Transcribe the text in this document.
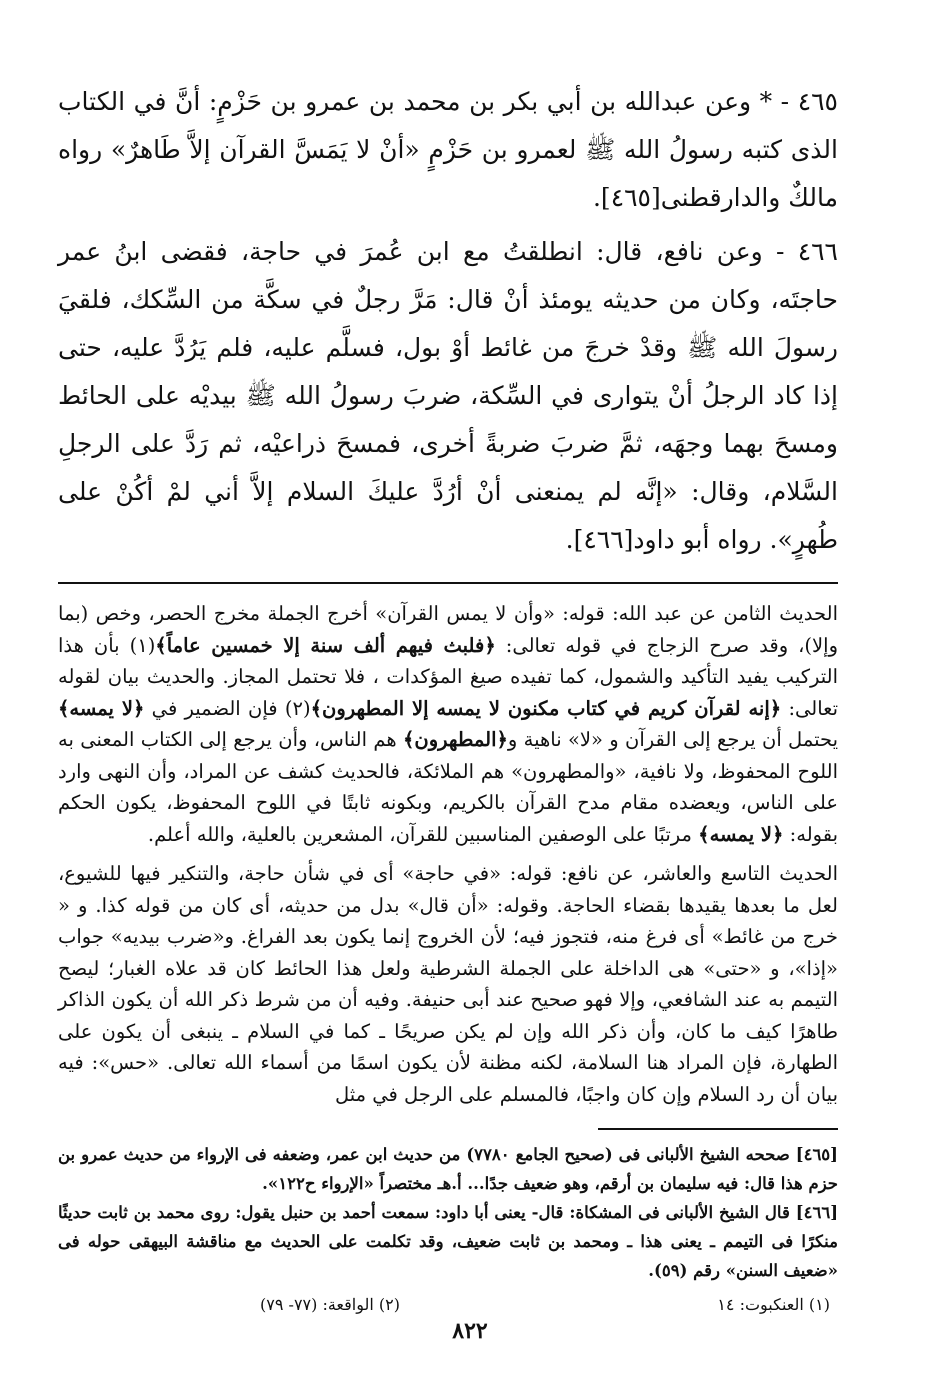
٤٦٥ - * وعن عبدالله بن أبي بكر بن محمد بن عمرو بن حَزْمٍ: أنَّ في الكتاب الذى كتبه رسولُ الله ﷺ لعمرو بن حَزْمٍ «أنْ لا يَمَسَّ القرآن إلاَّ طَاهرٌ» رواه مالكٌ والدارقطنى[٤٦٥].

٤٦٦ - وعن نافع، قال: انطلقتُ مع ابن عُمرَ في حاجة، فقضى ابنُ عمر حاجتَه، وكان من حديثه يومئذ أنْ قال: مَرَّ رجلٌ في سكَّة من السِّكك، فلقيَ رسولَ الله ﷺ وقدْ خرجَ من غائط أوْ بول، فسلَّم عليه، فلم يَرُدَّ عليه، حتى إذا كاد الرجلُ أنْ يتوارى في السِّكة، ضربَ رسولُ الله ﷺ بيديْه على الحائط ومسحَ بهما وجهَه، ثمَّ ضربَ ضربةً أخرى، فمسحَ ذراعيْه، ثم رَدَّ على الرجلِ السَّلام، وقال: «إنَّه لم يمنعنى أنْ أرُدَّ عليكَ السلام إلاَّ أني لمْ أكُنْ على طُهرٍ». رواه أبو داود[٤٦٦].

الحديث الثامن عن عبد الله: قوله: «وأن لا يمس القرآن» أخرج الجملة مخرج الحصر، وخص (بما وإلا)، وقد صرح الزجاج في قوله تعالى: ﴿فلبث فيهم ألف سنة إلا خمسين عاماً﴾(١) بأن هذا التركيب يفيد التأكيد والشمول، كما تفيده صيغ المؤكدات ، فلا تحتمل المجاز. والحديث بيان لقوله تعالى: ﴿إنه لقرآن كريم في كتاب مكنون لا يمسه إلا المطهرون﴾(٢) فإن الضمير في ﴿لا يمسه﴾ يحتمل أن يرجع إلى القرآن و «لا» ناهية و﴿المطهرون﴾ هم الناس، وأن يرجع إلى الكتاب المعنى به اللوح المحفوظ، ولا نافية، «والمطهرون» هم الملائكة، فالحديث كشف عن المراد، وأن النهى وارد على الناس، ويعضده مقام مدح القرآن بالكريم، وبكونه ثابتًا في اللوح المحفوظ، يكون الحكم بقوله: ﴿لا يمسه﴾ مرتبًا على الوصفين المناسبين للقرآن، المشعرين بالعلية، والله أعلم.

الحديث التاسع والعاشر، عن نافع: قوله: «في حاجة» أى في شأن حاجة، والتنكير فيها للشيوع، لعل ما بعدها يقيدها بقضاء الحاجة. وقوله: «أن قال» بدل من حديثه، أى كان من قوله كذا. و « خرج من غائط» أى فرغ منه، فتجوز فيه؛ لأن الخروج إنما يكون بعد الفراغ. و«ضرب بيديه» جواب «إذا»، و «حتى» هى الداخلة على الجملة الشرطية ولعل هذا الحائط كان قد علاه الغبار؛ ليصح التيمم به عند الشافعي، وإلا فهو صحيح عند أبى حنيفة. وفيه أن من شرط ذكر الله أن يكون الذاكر طاهرًا كيف ما كان، وأن ذكر الله وإن لم يكن صريحًا ـ كما في السلام ـ ينبغى أن يكون على الطهارة، فإن المراد هنا السلامة، لكنه مظنة لأن يكون اسمًا من أسماء الله تعالى. «حس»: فيه بيان أن رد السلام وإن كان واجبًا، فالمسلم على الرجل في مثل

[٤٦٥] صححه الشيخ الألبانى فى (صحيح الجامع ٧٧٨٠) من حديث ابن عمر، وضعفه فى الإرواء من حديث عمرو بن حزم هذا قال: فيه سليمان بن أرقم، وهو ضعيف جدًا... أ.هـ مختصراً «الإرواء ح١٢٢».

[٤٦٦] قال الشيخ الألبانى فى المشكاة: قال- يعنى أبا داود: سمعت أحمد بن حنبل يقول: روى محمد بن ثابت حديثًا منكرًا فى التيمم ـ يعنى هذا ـ ومحمد بن ثابت ضعيف، وقد تكلمت على الحديث مع مناقشة البيهقى حوله فى «ضعيف السنن» رقم (٥٩).

(١) العنكبوت: ١٤
(٢) الواقعة: (٧٧- ٧٩)
٨٢٢
